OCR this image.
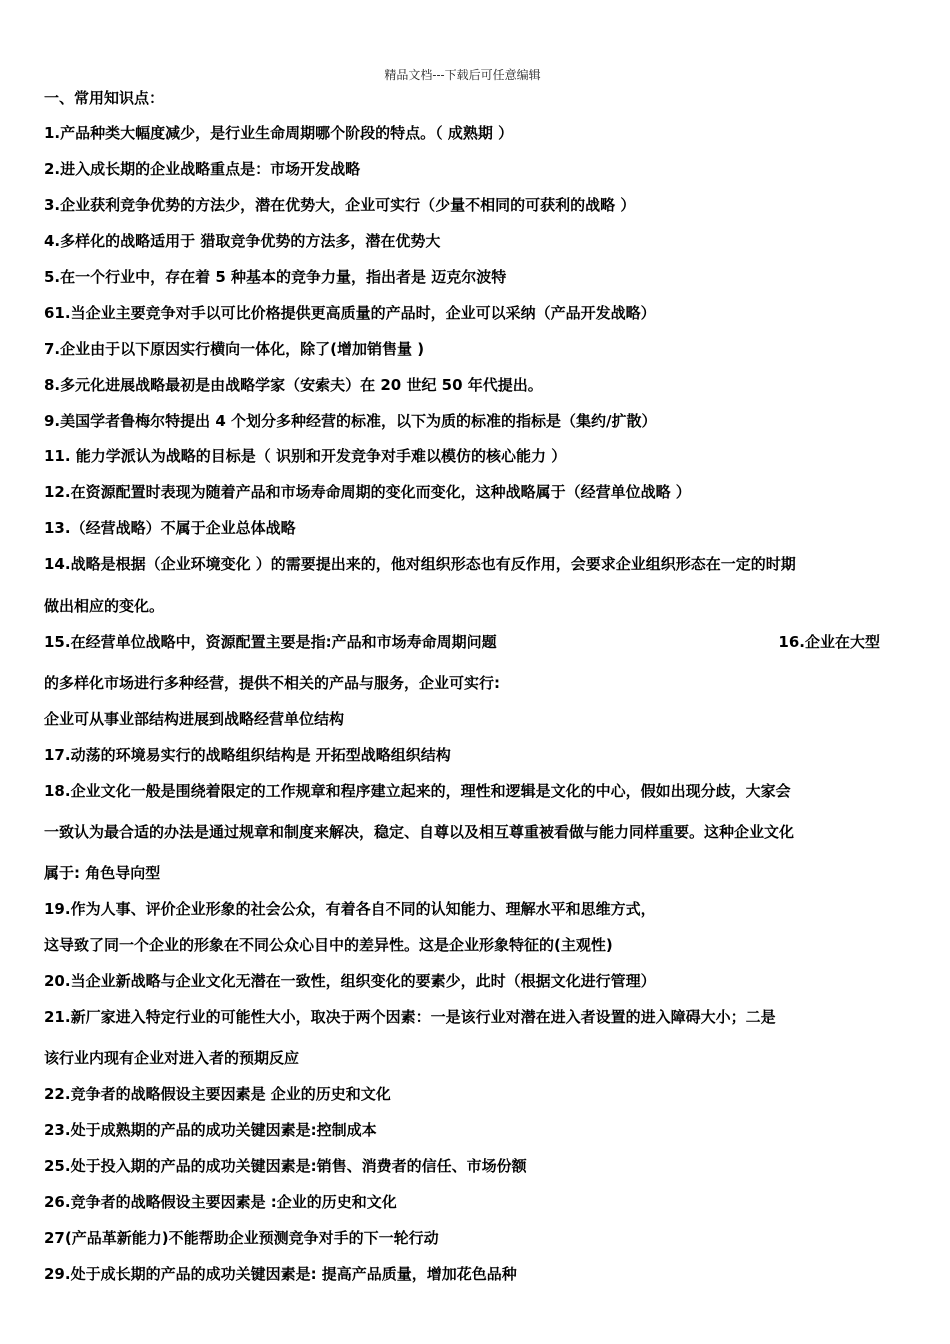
精品文档---下载后可任意编辑
一、常用知识点：
1.产品种类大幅度减少，是行业生命周期哪个阶段的特点。（ 成熟期 ）
2.进入成长期的企业战略重点是：市场开发战略
3.企业获利竞争优势的方法少，潜在优势大，企业可实行（少量不相同的可获利的战略 ）
4.多样化的战略适用于 猎取竞争优势的方法多，潜在优势大
5.在一个行业中，存在着 5 种基本的竞争力量，指出者是 迈克尔波特
61.当企业主要竞争对手以可比价格提供更高质量的产品时，企业可以采纳（产品开发战略）
7.企业由于以下原因实行横向一体化，除了(增加销售量 )
8.多元化进展战略最初是由战略学家（安索夫）在 20 世纪 50 年代提出。
9.美国学者鲁梅尔特提出 4 个划分多种经营的标准，以下为质的标准的指标是（集约/扩散）
11. 能力学派认为战略的目标是（ 识别和开发竞争对手难以模仿的核心能力 ）
12.在资源配置时表现为随着产品和市场寿命周期的变化而变化，这种战略属于（经营单位战略 ）
13.（经营战略）不属于企业总体战略
14.战略是根据（企业环境变化 ）的需要提出来的，他对组织形态也有反作用，会要求企业组织形态在一定的时期
做出相应的变化。
15.在经营单位战略中，资源配置主要是指:产品和市场寿命周期问题	16.企业在大型
的多样化市场进行多种经营，提供不相关的产品与服务，企业可实行:
企业可从事业部结构进展到战略经营单位结构
17.动荡的环境易实行的战略组织结构是 开拓型战略组织结构
18.企业文化一般是围绕着限定的工作规章和程序建立起来的，理性和逻辑是文化的中心，假如出现分歧，大家会
一致认为最合适的办法是通过规章和制度来解决，稳定、自尊以及相互尊重被看做与能力同样重要。这种企业文化
属于: 角色导向型
19.作为人事、评价企业形象的社会公众，有着各自不同的认知能力、理解水平和思维方式，
这导致了同一个企业的形象在不同公众心目中的差异性。这是企业形象特征的(主观性)
20.当企业新战略与企业文化无潜在一致性，组织变化的要素少，此时（根据文化进行管理）
21.新厂家进入特定行业的可能性大小，取决于两个因素：一是该行业对潜在进入者设置的进入障碍大小；二是
该行业内现有企业对进入者的预期反应
22.竞争者的战略假设主要因素是 企业的历史和文化
23.处于成熟期的产品的成功关键因素是:控制成本
25.处于投入期的产品的成功关键因素是:销售、消费者的信任、市场份额
26.竞争者的战略假设主要因素是 :企业的历史和文化
27(产品革新能力)不能帮助企业预测竞争对手的下一轮行动
29.处于成长期的产品的成功关键因素是: 提高产品质量，增加花色品种
